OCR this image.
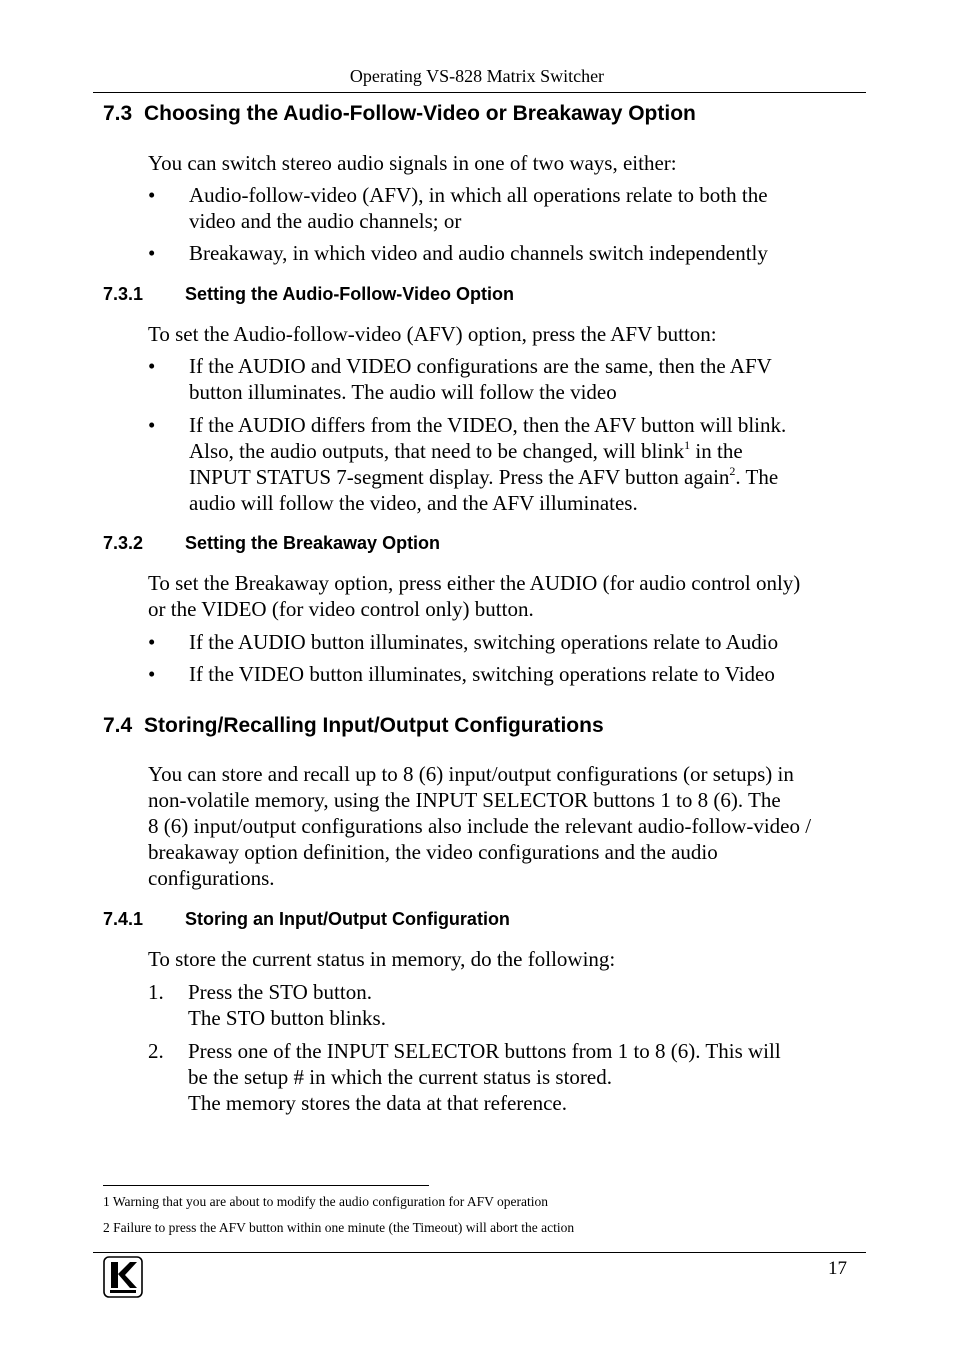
Operating VS-828 Matrix Switcher
7.3 Choosing the Audio-Follow-Video or Breakaway Option
You can switch stereo audio signals in one of two ways, either:
• Audio-follow-video (AFV), in which all operations relate to both the
video and the audio channels; or
• Breakaway, in which video and audio channels switch independently
7.3.1 Setting the Audio-Follow-Video Option
To set the Audio-follow-video (AFV) option, press the AFV button:
• If the AUDIO and VIDEO configurations are the same, then the AFV
button illuminates. The audio will follow the video
• If the AUDIO differs from the VIDEO, then the AFV button will blink.
Also, the audio outputs, that need to be changed, will blink$^1$ in the
INPUT STATUS 7-segment display. Press the AFV button again$^2$. The
audio will follow the video, and the AFV illuminates.
7.3.2 Setting the Breakaway Option
To set the Breakaway option, press either the AUDIO (for audio control only)
or the VIDEO (for video control only) button.
• If the AUDIO button illuminates, switching operations relate to Audio
• If the VIDEO button illuminates, switching operations relate to Video
7.4 Storing/Recalling Input/Output Configurations
You can store and recall up to 8 (6) input/output configurations (or setups) in
non-volatile memory, using the INPUT SELECTOR buttons 1 to 8 (6). The
8 (6) input/output configurations also include the relevant audio-follow-video /
breakaway option definition, the video configurations and the audio
configurations.
7.4.1 Storing an Input/Output Configuration
To store the current status in memory, do the following:
1. Press the STO button.
The STO button blinks.
2. Press one of the INPUT SELECTOR buttons from 1 to 8 (6). This will
be the setup # in which the current status is stored.
The memory stores the data at that reference.
1 Warning that you are about to modify the audio configuration for AFV operation
2 Failure to press the AFV button within one minute (the Timeout) will abort the action
17
